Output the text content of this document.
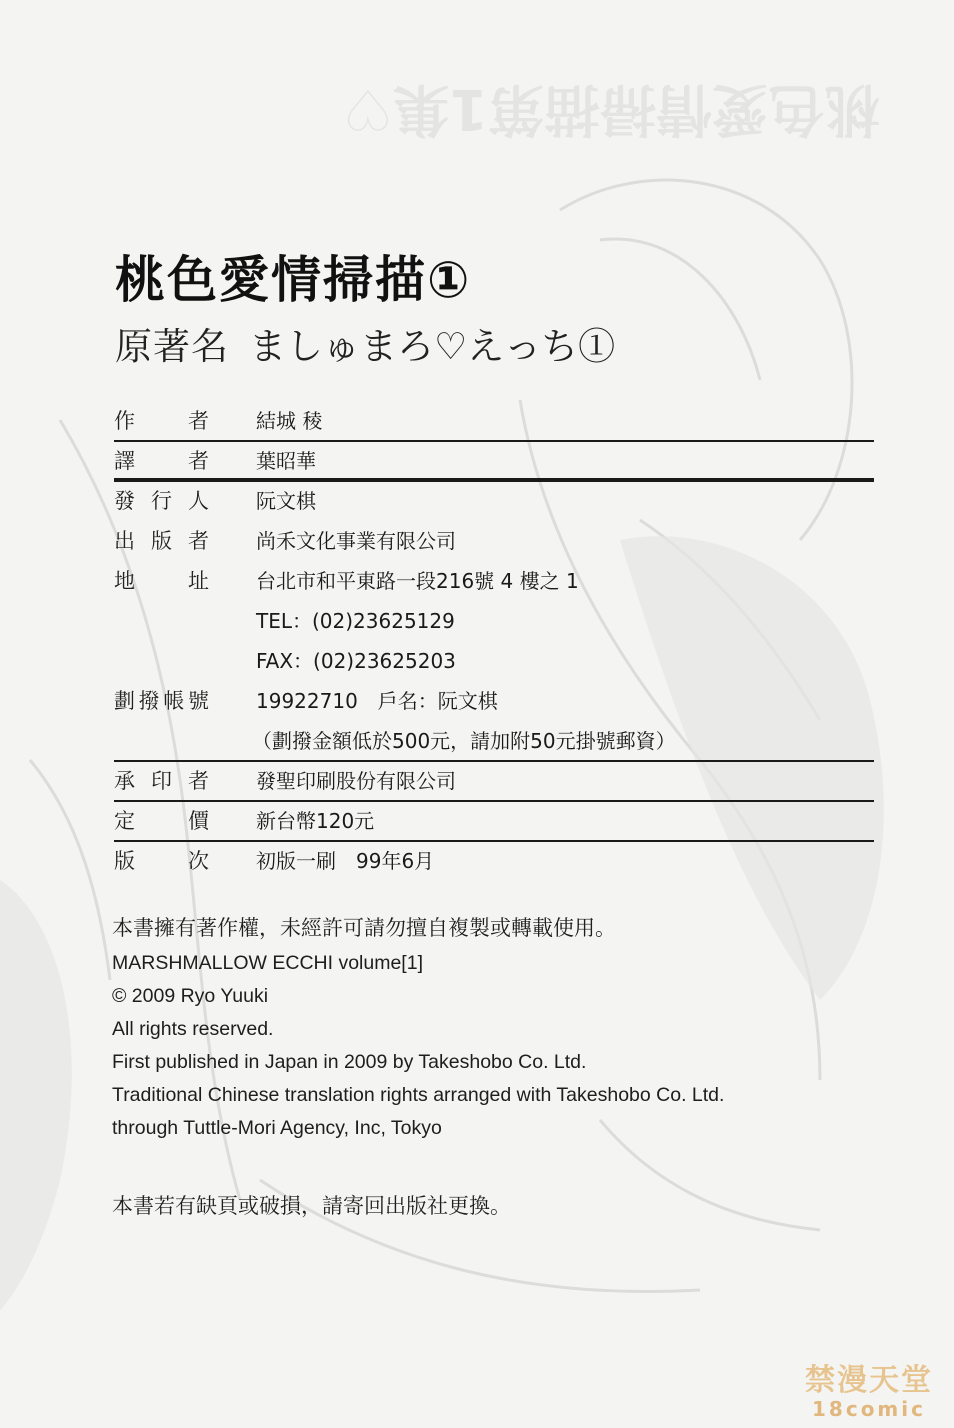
桃色愛情掃描第1集♡
桃色愛情掃描①
原著名 ましゅまろ♡えっち①
作	者 結城 稜
譯	者 葉昭華
發 行 人 阮文棋
出 版 者 尚禾文化事業有限公司
地	址 台北市和平東路一段216號 4 樓之 1
TEL：(02)23625129
FAX：(02)23625203
劃 撥 帳 號 19922710　戶名：阮文棋
（劃撥金額低於500元，請加附50元掛號郵資）
承 印 者 發聖印刷股份有限公司
定	價 新台幣120元
版	次 初版一刷　99年6月
本書擁有著作權，未經許可請勿擅自複製或轉載使用。
MARSHMALLOW ECCHI volume[1]
© 2009 Ryo Yuuki
All rights reserved.
First published in Japan in 2009 by Takeshobo Co. Ltd.
Traditional Chinese translation rights arranged with Takeshobo Co. Ltd.
through Tuttle-Mori Agency, Inc, Tokyo
本書若有缺頁或破損，請寄回出版社更換。
禁漫天堂
18comic
